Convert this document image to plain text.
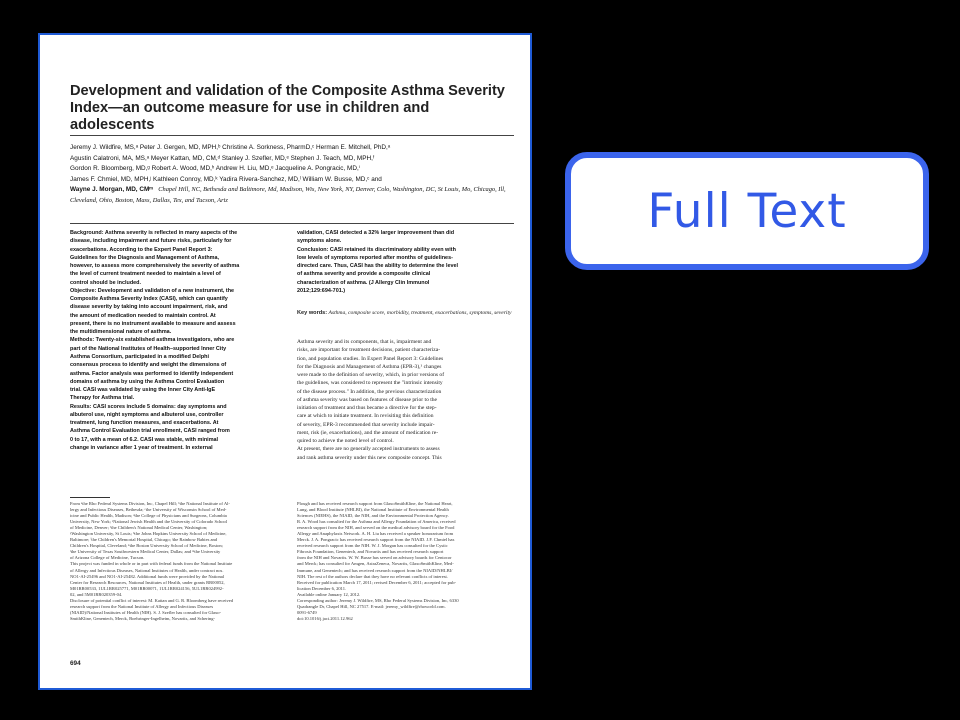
Development and validation of the Composite Asthma Severity Index—an outcome measure for use in children and adolescents
Jeremy J. Wildfire, MS,ᵃ Peter J. Gergen, MD, MPH,ᵇ Christine A. Sorkness, PharmD,ᶜ Herman E. Mitchell, PhD,ᵃ
Agustin Calatroni, MA, MS,ᵃ Meyer Kattan, MD, CM,ᵈ Stanley J. Szefler, MD,ᵉ Stephen J. Teach, MD, MPH,ᶠ
Gordon R. Bloomberg, MD,ᵍ Robert A. Wood, MD,ʰ Andrew H. Liu, MD,ᵉ Jacqueline A. Pongracic, MD,ⁱ
James F. Chmiel, MD, MPH,ʲ Kathleen Conroy, MD,ᵏ Yadira Rivera-Sanchez, MD,ˡ William W. Busse, MD,ᶜ and
Wayne J. Morgan, MD, CMᵐ Chapel Hill, NC, Bethesda and Baltimore, Md, Madison, Wis, New York, NY, Denver, Colo, Washington, DC, St Louis, Mo, Chicago, Ill, Cleveland, Ohio, Boston, Mass, Dallas, Tex, and Tucson, Ariz
Background: Asthma severity is reflected in many aspects of the
disease, including impairment and future risks, particularly for
exacerbations. According to the Expert Panel Report 3:
Guidelines for the Diagnosis and Management of Asthma,
however, to assess more comprehensively the severity of asthma
the level of current treatment needed to maintain a level of
control should be included.
Objective: Development and validation of a new instrument, the
Composite Asthma Severity Index (CASI), which can quantify
disease severity by taking into account impairment, risk, and
the amount of medication needed to maintain control. At
present, there is no instrument available to measure and assess
the multidimensional nature of asthma.
Methods: Twenty-six established asthma investigators, who are
part of the National Institutes of Health–supported Inner City
Asthma Consortium, participated in a modified Delphi
consensus process to identify and weight the dimensions of
asthma. Factor analysis was performed to identify independent
domains of asthma by using the Asthma Control Evaluation
trial. CASI was validated by using the Inner City Anti-IgE
Therapy for Asthma trial.
Results: CASI scores include 5 domains: day symptoms and
albuterol use, night symptoms and albuterol use, controller
treatment, lung function measures, and exacerbations. At
Asthma Control Evaluation trial enrollment, CASI ranged from
0 to 17, with a mean of 6.2. CASI was stable, with minimal
change in variance after 1 year of treatment. In external
validation, CASI detected a 32% larger improvement than did
symptoms alone.
Conclusion: CASI retained its discriminatory ability even with
low levels of symptoms reported after months of guidelines-
directed care. Thus, CASI has the ability to determine the level
of asthma severity and provide a composite clinical
characterization of asthma. (J Allergy Clin Immunol
2012;129:694-701.)
Key words: Asthma, composite score, morbidity, treatment, exacerbations, symptoms, severity
Asthma severity and its components, that is, impairment and
risks, are important for treatment decisions, patient characteriza-
tion, and population studies. In Expert Panel Report 3: Guidelines
for the Diagnosis and Management of Asthma (EPR-3),¹ changes
were made to the definition of severity, which, in prior versions of
the guidelines, was considered to represent the "intrinsic intensity
of the disease process." In addition, the previous characterization
of asthma severity was based on features of disease prior to the
initiation of treatment and thus became a directive for the step-
care at which to initiate treatment. In revisiting this definition
of severity, EPR-3 recommended that severity include impair-
ment, risk (ie, exacerbations), and the amount of medication re-
quired to achieve the noted level of control.
At present, there are no generally accepted instruments to assess
and rank asthma severity under this new composite concept. This
From ᵃthe Rho Federal Systems Division, Inc, Chapel Hill; ᵇthe National Institute of Al-
lergy and Infectious Diseases, Bethesda; ᶜthe University of Wisconsin School of Med-
icine and Public Health, Madison; ᵈthe College of Physicians and Surgeons, Columbia
University, New York; ᵉNational Jewish Health and the University of Colorado School
of Medicine, Denver; ᶠthe Children's National Medical Center, Washington;
ᵍWashington University, St Louis; ʰthe Johns Hopkins University School of Medicine,
Baltimore; ⁱthe Children's Memorial Hospital, Chicago; ʲthe Rainbow Babies and
Children's Hospital, Cleveland; ᵏthe Boston University School of Medicine, Boston;
ˡthe University of Texas Southwestern Medical Center, Dallas; and ᵐthe University
of Arizona College of Medicine, Tucson.
This project was funded in whole or in part with federal funds from the National Institute
of Allergy and Infectious Diseases, National Institutes of Health, under contract nos.
NO1-AI-25496 and NO1-AI-25482. Additional funds were provided by the National
Center for Research Resources, National Institutes of Health, under grants RR00052,
M01RR00533, 1UL1RR025771, M01RR00071, 1UL1RR024156, 5UL1RR024992-
02, and 5M01RR020359-04.
Disclosure of potential conflict of interest: M. Kattan and G. R. Bloomberg have received
research support from the National Institute of Allergy and Infectious Diseases
(NIAID)/National Institutes of Health (NIH). S. J. Szefler has consulted for Glaxo-
SmithKline, Genentech, Merck, Boehringer-Ingelheim, Novartis, and Schering-
Plough and has received research support from GlaxoSmithKline, the National Heart,
Lung, and Blood Institute (NHLBI), the National Institute of Environmental Health
Sciences (NIEHS), the NIAID, the NIH, and the Environmental Protection Agency.
R. A. Wood has consulted for the Asthma and Allergy Foundation of America, received
research support from the NIH, and served on the medical advisory board for the Food
Allergy and Anaphylaxis Network. A. H. Liu has received a speaker honorarium from
Merck. J. A. Pongracic has received research support from the NIAID. J.F. Chmiel has
received research support from the NIH. W. J. Morgan has consulted for the Cystic
Fibrosis Foundation, Genentech, and Novartis and has received research support
from the NIH and Novartis. W. W. Busse has served on advisory boards for Centocor
and Merck; has consulted for Amgen, AstraZeneca, Novartis, GlaxoSmithKline, Med-
Immune, and Genentech; and has received research support from the NIAID/NHLBI/
NIH. The rest of the authors declare that they have no relevant conflicts of interest.
Received for publication March 17, 2011; revised December 6, 2011; accepted for pub-
lication December 6, 2011.
Available online January 12, 2012.
Corresponding author: Jeremy J. Wildfire, MS, Rho Federal Systems Division, Inc, 6330
Quadrangle Dr, Chapel Hill, NC 27517. E-mail: jeremy_wildfire@rhoworld.com.
0091-6749
doi:10.1016/j.jaci.2011.12.962
694
Full Text
